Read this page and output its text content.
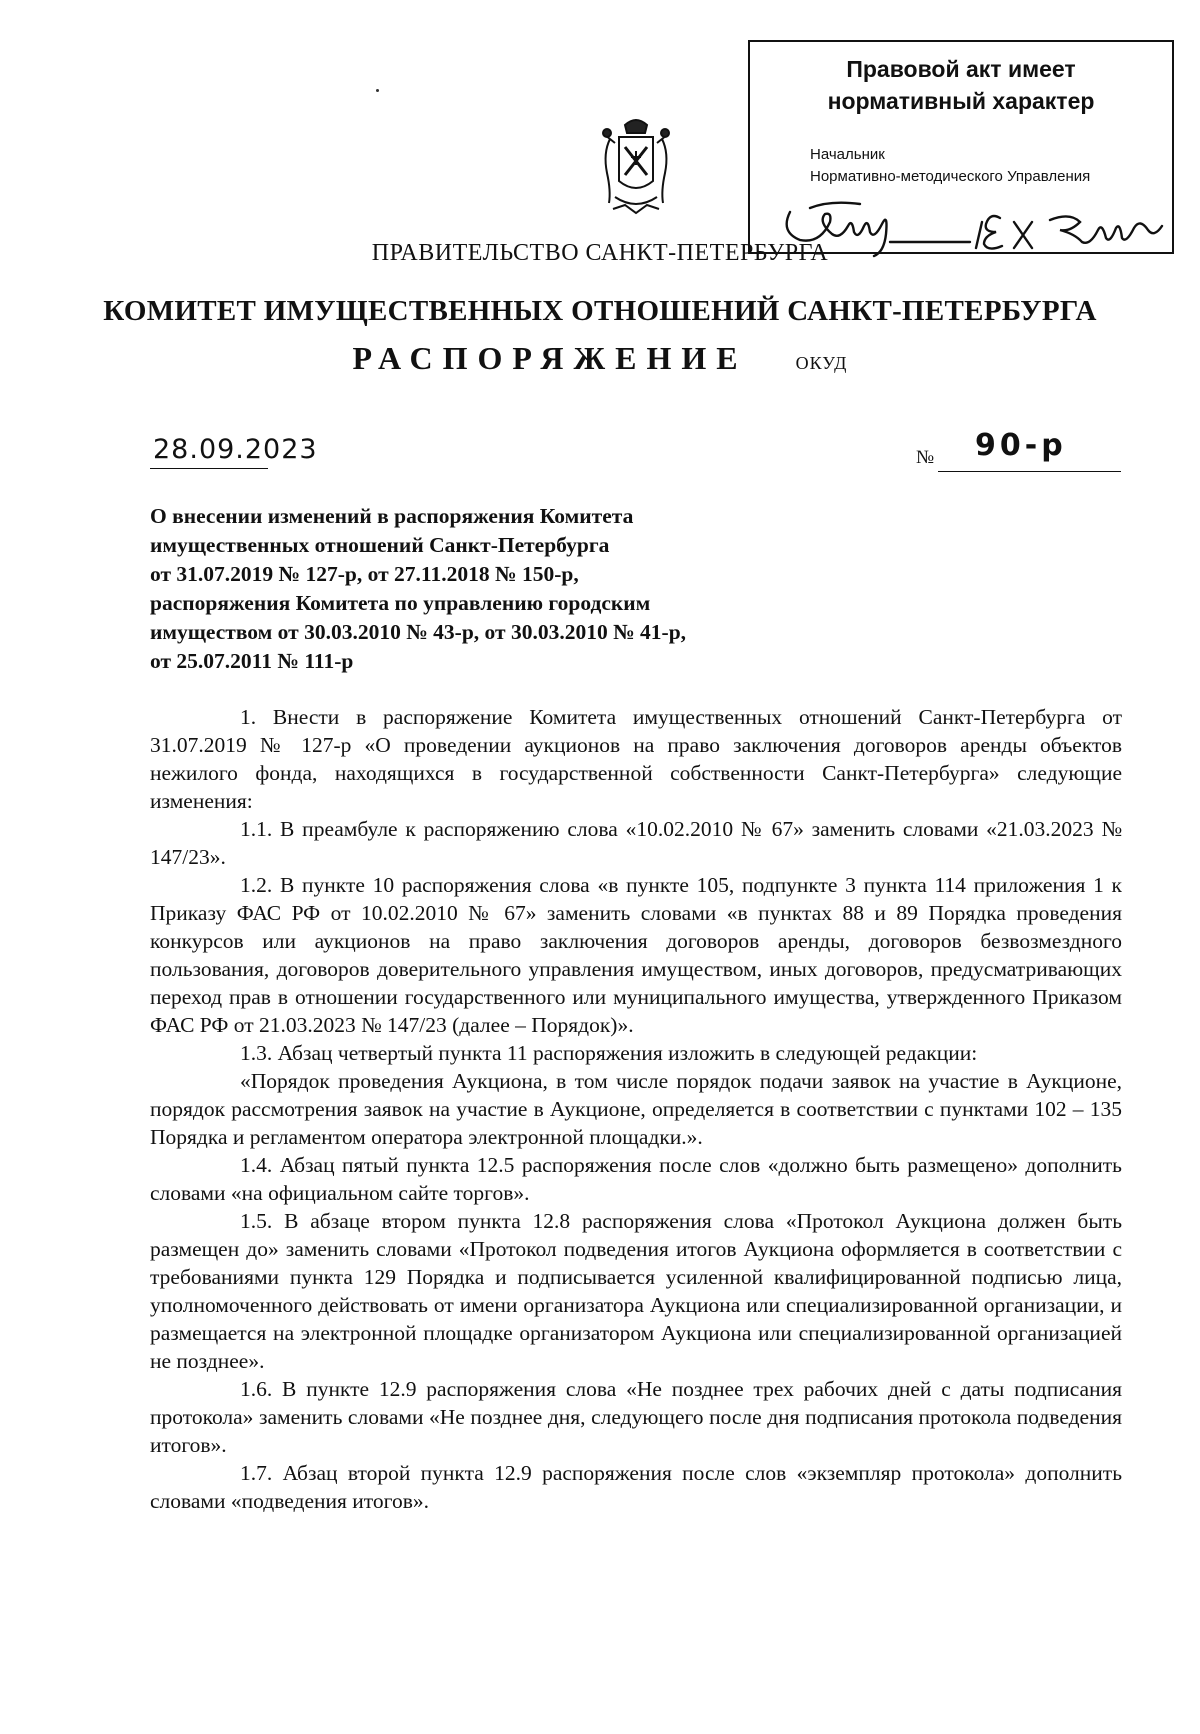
Правовой акт имеет
нормативный характер
Начальник
Нормативно-методического Управления
ПРАВИТЕЛЬСТВО САНКТ-ПЕТЕРБУРГА
КОМИТЕТ ИМУЩЕСТВЕННЫХ ОТНОШЕНИЙ САНКТ-ПЕТЕРБУРГА
РАСПОРЯЖЕНИЕ	ОКУД
28.09.2023	№ 90-р
О внесении изменений в распоряжения Комитета
имущественных отношений Санкт-Петербурга
от 31.07.2019 № 127-р, от 27.11.2018 № 150-р,
распоряжения Комитета по управлению городским
имуществом от 30.03.2010 № 43-р, от 30.03.2010 № 41-р,
от 25.07.2011 № 111-р

1. Внести в распоряжение Комитета имущественных отношений Санкт-Петербурга от 31.07.2019 № 127-р «О проведении аукционов на право заключения договоров аренды объектов нежилого фонда, находящихся в государственной собственности Санкт-Петербурга» следующие изменения:

1.1. В преамбуле к распоряжению слова «10.02.2010 № 67» заменить словами «21.03.2023 № 147/23».

1.2. В пункте 10 распоряжения слова «в пункте 105, подпункте 3 пункта 114 приложения 1 к Приказу ФАС РФ от 10.02.2010 № 67» заменить словами «в пунктах 88 и 89 Порядка проведения конкурсов или аукционов на право заключения договоров аренды, договоров безвозмездного пользования, договоров доверительного управления имуществом, иных договоров, предусматривающих переход прав в отношении государственного или муниципального имущества, утвержденного Приказом ФАС РФ от 21.03.2023 № 147/23 (далее – Порядок)».

1.3. Абзац четвертый пункта 11 распоряжения изложить в следующей редакции:

«Порядок проведения Аукциона, в том числе порядок подачи заявок на участие в Аукционе, порядок рассмотрения заявок на участие в Аукционе, определяется в соответствии с пунктами 102 – 135 Порядка и регламентом оператора электронной площадки.».

1.4. Абзац пятый пункта 12.5 распоряжения после слов «должно быть размещено» дополнить словами «на официальном сайте торгов».

1.5. В абзаце втором пункта 12.8 распоряжения слова «Протокол Аукциона должен быть размещен до» заменить словами «Протокол подведения итогов Аукциона оформляется в соответствии с требованиями пункта 129 Порядка и подписывается усиленной квалифицированной подписью лица, уполномоченного действовать от имени организатора Аукциона или специализированной организации, и размещается на электронной площадке организатором Аукциона или специализированной организацией не позднее».

1.6. В пункте 12.9 распоряжения слова «Не позднее трех рабочих дней с даты подписания протокола» заменить словами «Не позднее дня, следующего после дня подписания протокола подведения итогов».

1.7. Абзац второй пункта 12.9 распоряжения после слов «экземпляр протокола» дополнить словами «подведения итогов».
